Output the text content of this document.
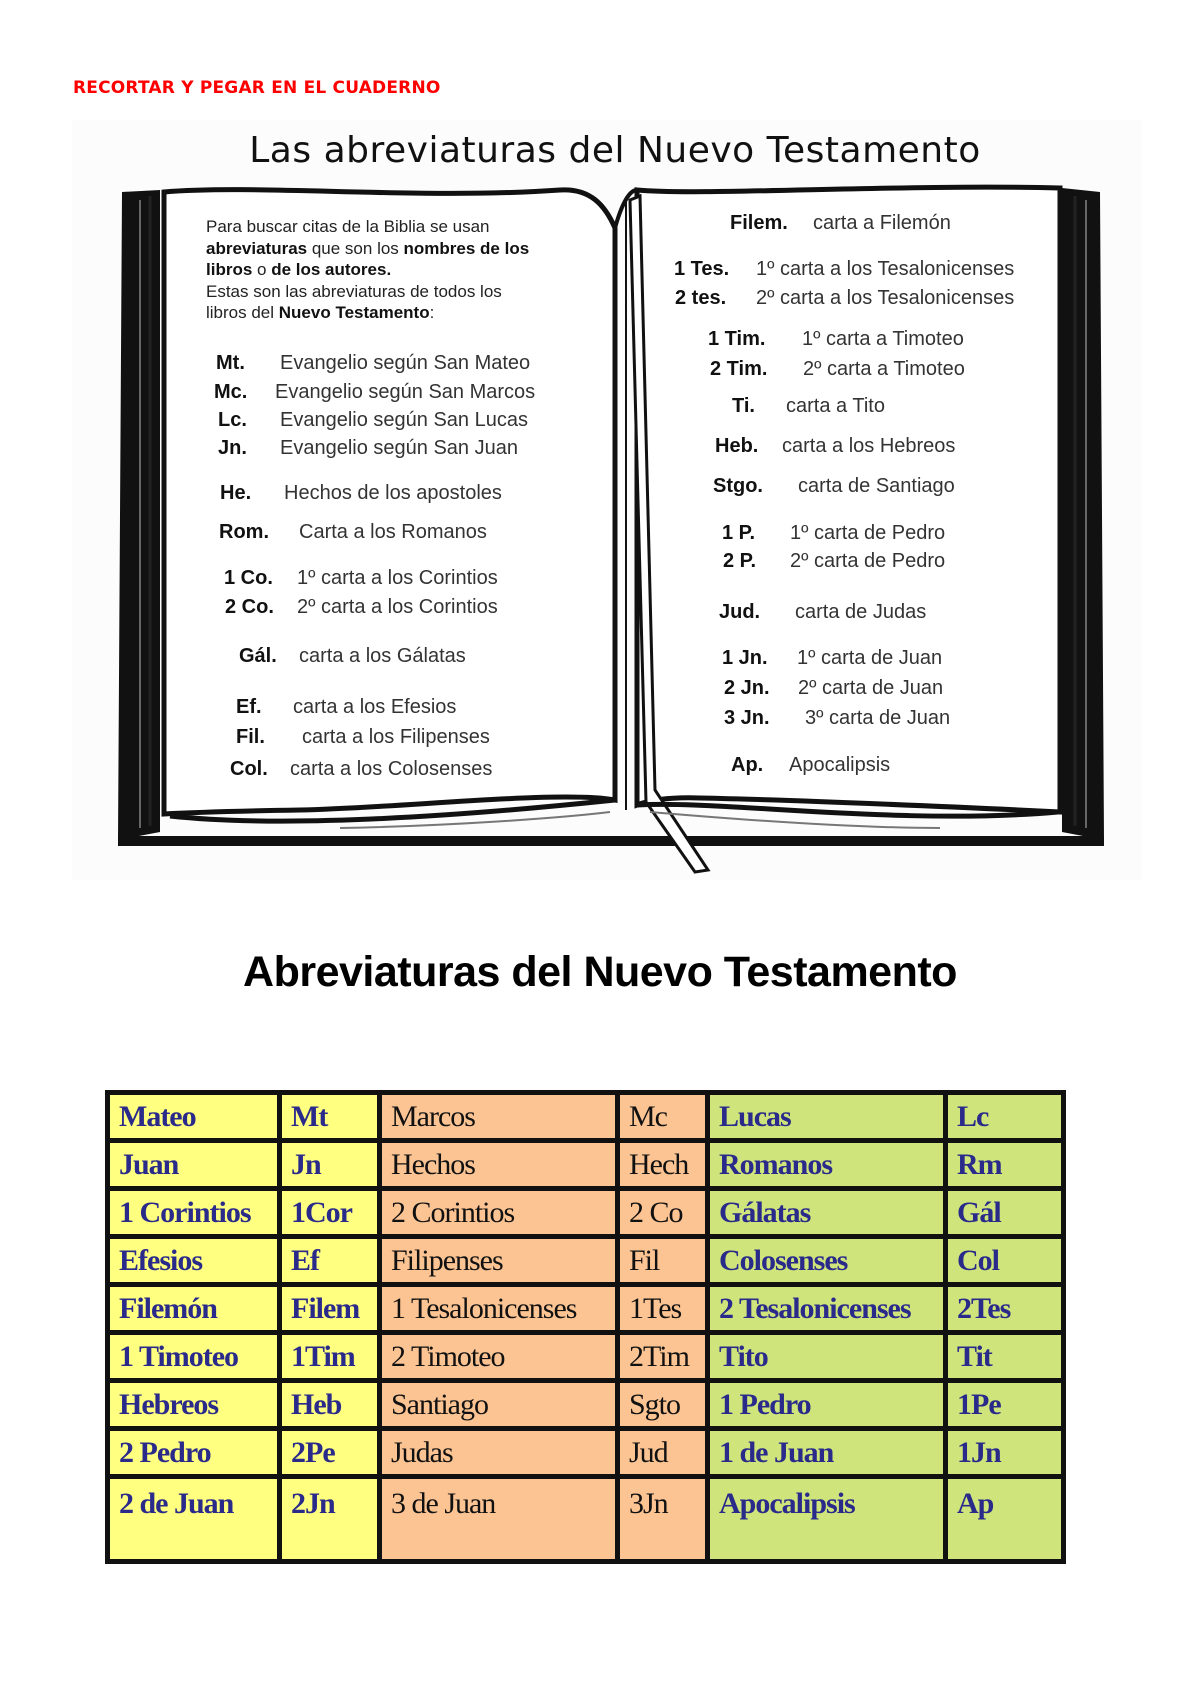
RECORTAR Y PEGAR EN EL CUADERNO
Las abreviaturas del Nuevo Testamento
Para buscar citas de la Biblia se usan
abreviaturas que son los nombres de los
libros o de los autores.
Estas son las abreviaturas de todos los
libros del Nuevo Testamento:
Mt. Evangelio según San Mateo
Mc. Evangelio según San Marcos
Lc. Evangelio según San Lucas
Jn. Evangelio según San Juan
He. Hechos de los apostoles
Rom. Carta a los Romanos
1 Co. 1º carta a los Corintios
2 Co. 2º carta a los Corintios
Gál. carta a los Gálatas
Ef. carta a los Efesios
Fil. carta a los Filipenses
Col. carta a los Colosenses
Filem. carta a Filemón
1 Tes. 1º carta a los Tesalonicenses
2 tes. 2º carta a los Tesalonicenses
1 Tim. 1º carta a Timoteo
2 Tim. 2º carta a Timoteo
Ti. carta a Tito
Heb. carta a los Hebreos
Stgo. carta de Santiago
1 P. 1º carta de Pedro
2 P. 2º carta de Pedro
Jud. carta de Judas
1 Jn. 1º carta de Juan
2 Jn. 2º carta de Juan
3 Jn. 3º carta de Juan
Ap. Apocalipsis
Abreviaturas del Nuevo Testamento
Mateo	Mt	Marcos	Mc	Lucas	Lc
Juan	Jn	Hechos	Hech	Romanos	Rm
1 Corintios	1Cor	2 Corintios	2 Co	Gálatas	Gál
Efesios	Ef	Filipenses	Fil	Colosenses	Col
Filemón	Filem	1 Tesalonicenses	1Tes	2 Tesalonicenses	2Tes
1 Timoteo	1Tim	2 Timoteo	2Tim	Tito	Tit
Hebreos	Heb	Santiago	Sgto	1 Pedro	1Pe
2 Pedro	2Pe	Judas	Jud	1 de Juan	1Jn
2 de Juan	2Jn	3 de Juan	3Jn	Apocalipsis	Ap
